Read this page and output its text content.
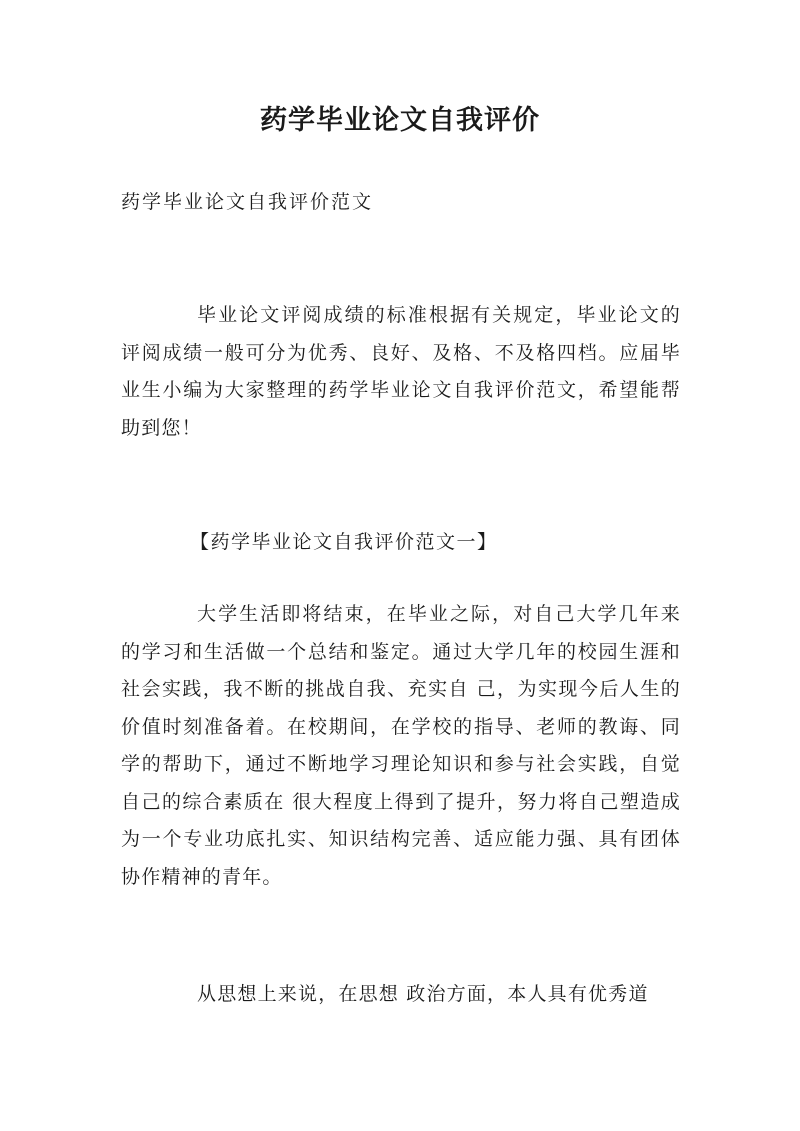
药学毕业论文自我评价
药学毕业论文自我评价范文

毕业论文评阅成绩的标准根据有关规定，毕业论文的评阅成绩一般可分为优秀、良好、及格、不及格四档。应届毕业生小编为大家整理的药学毕业论文自我评价范文，希望能帮助到您！

【药学毕业论文自我评价范文一】

大学生活即将结束，在毕业之际，对自己大学几年来的学习和生活做一个总结和鉴定。通过大学几年的校园生涯和社会实践，我不断的挑战自我、充实自 己，为实现今后人生的价值时刻准备着。在校期间，在学校的指导、老师的教诲、同学的帮助下，通过不断地学习理论知识和参与社会实践，自觉自己的综合素质在 很大程度上得到了提升，努力将自己塑造成为一个专业功底扎实、知识结构完善、适应能力强、具有团体协作精神的青年。

从思想上来说，在思想 政治方面，本人具有优秀道
